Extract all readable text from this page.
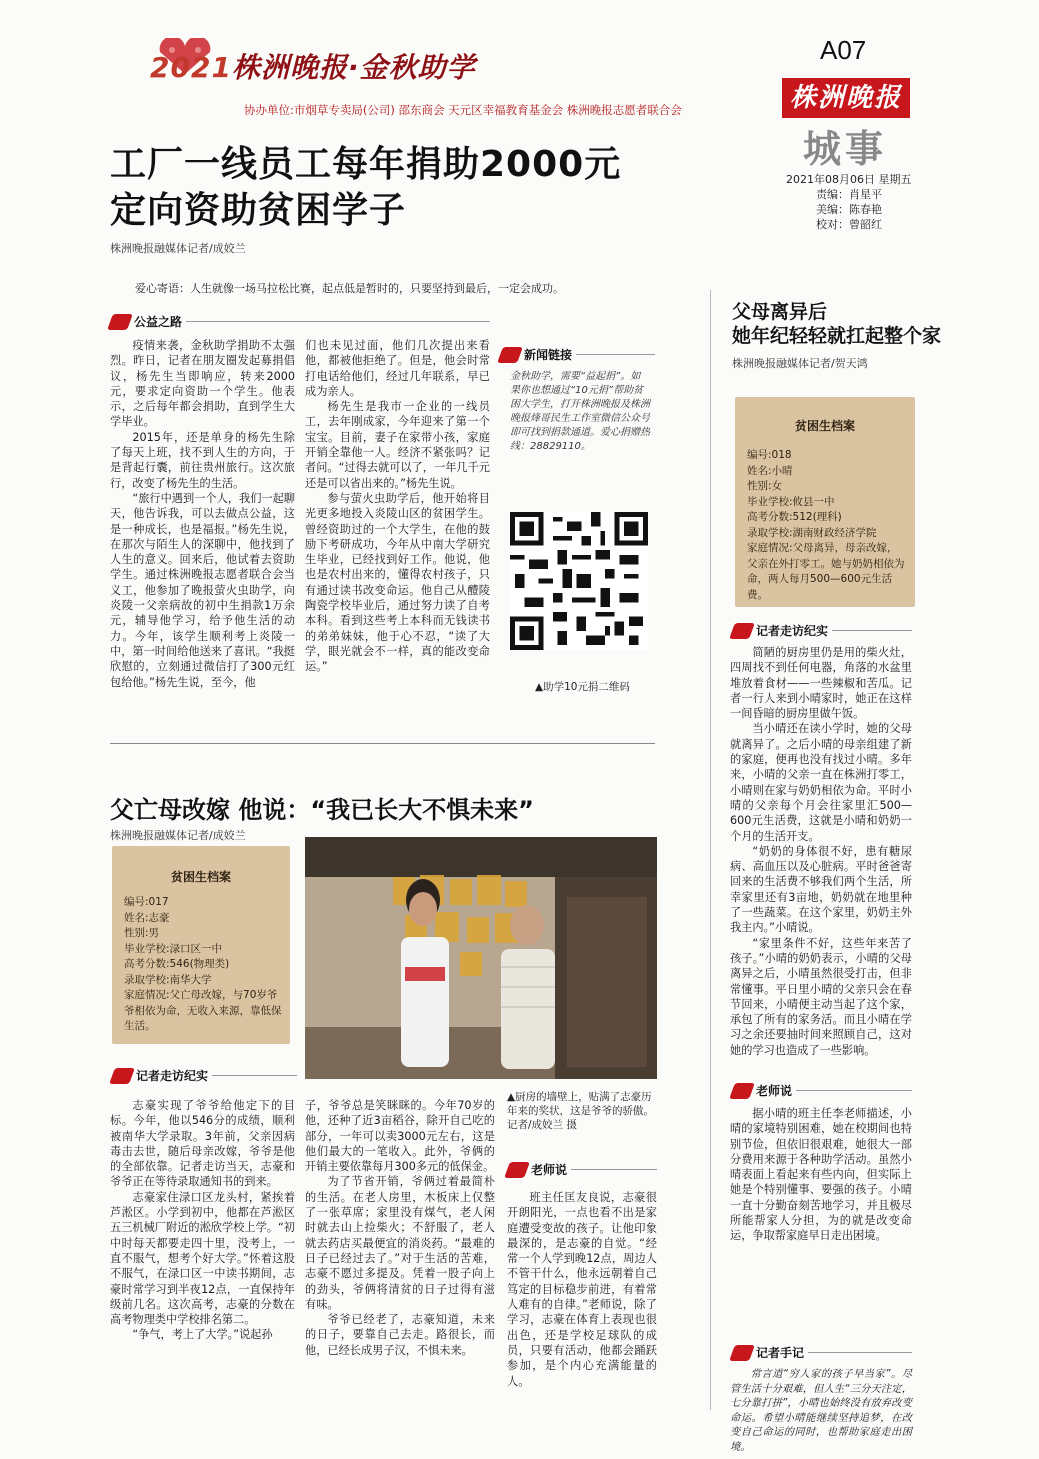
2021株洲晚报·金秋助学
协办单位:市烟草专卖局(公司) 邵东商会 天元区幸福教育基金会 株洲晚报志愿者联合会
A07
株洲晚报
城事
2021年08月06日 星期五
责编：肖星平
美编：陈春艳
校对：曾韶红
工厂一线员工每年捐助2000元
定向资助贫困学子
株洲晚报融媒体记者/成姣兰
爱心寄语：人生就像一场马拉松比赛，起点低是暂时的，只要坚持到最后，一定会成功。
公益之路

疫情来袭，金秋助学捐助不太强烈。昨日，记者在朋友圈发起募捐倡议，杨先生当即响应，转来2000元，要求定向资助一个学生。他表示，之后每年都会捐助，直到学生大学毕业。

2015年，还是单身的杨先生除了每天上班，找不到人生的方向，于是背起行囊，前往贵州旅行。这次旅行，改变了杨先生的生活。

“旅行中遇到一个人，我们一起聊天，他告诉我，可以去做点公益，这是一种成长，也是福报。”杨先生说，在那次与陌生人的深聊中，他找到了人生的意义。回来后，他试着去资助学生。通过株洲晚报志愿者联合会当义工，他参加了晚报萤火虫助学，向炎陵一父亲病故的初中生捐款1万余元，辅导他学习，给予他生活的动力。今年，该学生顺利考上炎陵一中，第一时间给他送来了喜讯。“我挺欣慰的，立刻通过微信打了300元红包给他。”杨先生说，至今，他

们也未见过面，他们几次提出来看他，都被他拒绝了。但是，他会时常打电话给他们，经过几年联系，早已成为亲人。

杨先生是我市一企业的一线员工，去年刚成家，今年迎来了第一个宝宝。目前，妻子在家带小孩，家庭开销全靠他一人。经济不紧张吗？记者问。“过得去就可以了，一年几千元还是可以省出来的。”杨先生说。

参与萤火虫助学后，他开始将目光更多地投入炎陵山区的贫困学生。曾经资助过的一个大学生，在他的鼓励下考研成功，今年从中南大学研究生毕业，已经找到好工作。他说，他也是农村出来的，懂得农村孩子，只有通过读书改变命运。他自己从醴陵陶瓷学校毕业后，通过努力读了自考本科。看到这些考上本科而无钱读书的弟弟妹妹，他于心不忍，“读了大学，眼光就会不一样，真的能改变命运。”

新闻链接
金秋助学，需要“益起捐”。如果你也想通过“10元捐”帮助贫困大学生，打开株洲晚报及株洲晚报烽哥民生工作室微信公众号即可找到捐款通道。爱心捐赠热线：28829110。
▲助学10元捐二维码
父亡母改嫁 他说：“我已长大不惧未来”
株洲晚报融媒体记者/成姣兰
贫困生档案
编号:017
姓名:志豪
性别:男
毕业学校:渌口区一中
高考分数:546(物理类)
录取学校:南华大学
家庭情况:父亡母改嫁，与70岁爷爷相依为命，无收入来源，靠低保生活。
▲厨房的墙壁上，贴满了志豪历年来的奖状，这是爷爷的骄傲。 记者/成姣兰 摄
记者走访纪实

志豪实现了爷爷给他定下的目标。今年，他以546分的成绩，顺利被南华大学录取。3年前，父亲因病毒击去世，随后母亲改嫁，爷爷是他的全部依靠。记者走访当天，志豪和爷爷正在等待录取通知书的到来。

志豪家住渌口区龙头村，紧挨着芦淞区。小学到初中，他都在芦淞区五三机械厂附近的淞欣学校上学。“初中时每天都要走四十里，没考上，一直不服气，想考个好大学。”怀着这股不服气，在渌口区一中读书期间，志豪时常学习到半夜12点，一直保持年级前几名。这次高考，志豪的分数在高考物理类中学校排名第二。

“争气，考上了大学。”说起孙

子，爷爷总是笑眯眯的。今年70岁的他，还种了近3亩稻谷，除开自己吃的部分，一年可以卖3000元左右，这是他们最大的一笔收入。此外，爷俩的开销主要依靠每月300多元的低保金。

为了节省开销，爷俩过着最简朴的生活。在老人房里，木板床上仅整了一张草席；家里没有煤气，老人闲时就去山上捡柴火；不舒服了，老人就去药店买最便宜的消炎药。“最难的日子已经过去了。”对于生活的苦难，志豪不愿过多提及。凭着一股子向上的劲头，爷俩将清贫的日子过得有滋有味。

爷爷已经老了，志豪知道，未来的日子，要靠自己去走。路很长，而他，已经长成男子汉，不惧未来。

老师说

班主任匡友良说，志豪很开朗阳光，一点也看不出是家庭遭受变故的孩子。让他印象最深的，是志豪的自觉。“经常一个人学到晚12点，周边人不管干什么，他永远朝着自己笃定的目标稳步前进，有着常人难有的自律。”老师说，除了学习，志豪在体育上表现也很出色，还是学校足球队的成员，只要有活动，他都会踊跃参加，是个内心充满能量的人。

父母离异后
她年纪轻轻就扛起整个家
株洲晚报融媒体记者/贺天鸿
贫困生档案
编号:018
姓名:小晴
性别:女
毕业学校:攸县一中
高考分数:512(理科)
录取学校:湖南财政经济学院
家庭情况:父母离异，母亲改嫁，父亲在外打零工。她与奶奶相依为命，两人每月500—600元生活费。
记者走访纪实

简陋的厨房里仍是用的柴火灶，四周找不到任何电器，角落的水盆里堆放着食材——一些辣椒和苦瓜。记者一行人来到小晴家时，她正在这样一间昏暗的厨房里做午饭。

当小晴还在读小学时，她的父母就离异了。之后小晴的母亲组建了新的家庭，便再也没有找过小晴。多年来，小晴的父亲一直在株洲打零工，小晴则在家与奶奶相依为命。平时小晴的父亲每个月会往家里汇500—600元生活费，这就是小晴和奶奶一个月的生活开支。

“奶奶的身体很不好，患有糖尿病、高血压以及心脏病。平时爸爸寄回来的生活费不够我们两个生活，所幸家里还有3亩地，奶奶就在地里种了一些蔬菜。在这个家里，奶奶主外我主内。”小晴说。

“家里条件不好，这些年来苦了孩子。”小晴的奶奶表示，小晴的父母离异之后，小晴虽然很受打击，但非常懂事。平日里小晴的父亲只会在春节回来，小晴便主动当起了这个家，承包了所有的家务活。而且小晴在学习之余还要抽时间来照顾自己，这对她的学习也造成了一些影响。

老师说

据小晴的班主任李老师描述，小晴的家境特别困难，她在校期间也特别节俭，但依旧很艰难，她很大一部分费用来源于各种助学活动。虽然小晴表面上看起来有些内向，但实际上她是个特别懂事、要强的孩子。小晴一直十分勤奋刻苦地学习，并且极尽所能帮家人分担，为的就是改变命运，争取帮家庭早日走出困境。

记者手记

常言道“穷人家的孩子早当家”。尽管生活十分艰难，但人生“三分天注定，七分靠打拼”，小晴也始终没有放弃改变命运。希望小晴能继续坚持追梦，在改变自己命运的同时，也帮助家庭走出困境。
